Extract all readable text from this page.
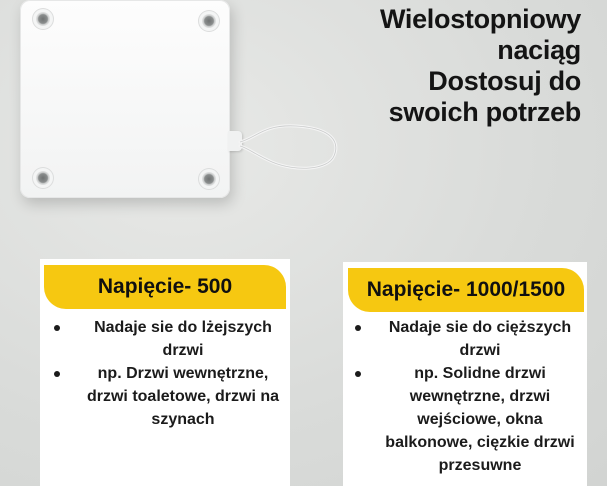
Wielostopniowy
naciąg
Dostosuj do
swoich potrzeb
Napięcie- 500
Nadaje sie do lżejszych drzwi
np. Drzwi wewnętrzne, drzwi toaletowe, drzwi na szynach
Napięcie- 1000/1500
Nadaje sie do cięższych drzwi
np. Solidne drzwi wewnętrzne, drzwi wejściowe, okna balkonowe, cięzkie drzwi przesuwne
